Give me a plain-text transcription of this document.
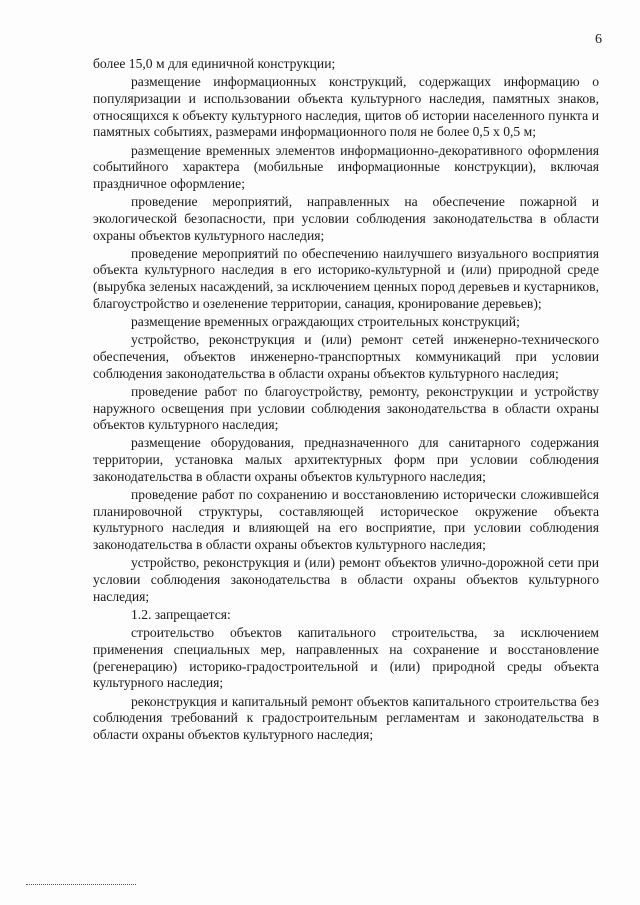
6

более 15,0 м для единичной конструкции;

размещение информационных конструкций, содержащих информацию о популяризации и использовании объекта культурного наследия, памятных знаков, относящихся к объекту культурного наследия, щитов об истории населенного пункта и памятных событиях, размерами информационного поля не более 0,5 х 0,5 м;

размещение временных элементов информационно-декоративного оформления событийного характера (мобильные информационные конструкции), включая праздничное оформление;

проведение мероприятий, направленных на обеспечение пожарной и экологической безопасности, при условии соблюдения законодательства в области охраны объектов культурного наследия;

проведение мероприятий по обеспечению наилучшего визуального восприятия объекта культурного наследия в его историко-культурной и (или) природной среде (вырубка зеленых насаждений, за исключением ценных пород деревьев и кустарников, благоустройство и озеленение территории, санация, кронирование деревьев);

размещение временных ограждающих строительных конструкций;

устройство, реконструкция и (или) ремонт сетей инженерно-технического обеспечения, объектов инженерно-транспортных коммуникаций при условии соблюдения законодательства в области охраны объектов культурного наследия;

проведение работ по благоустройству, ремонту, реконструкции и устройству наружного освещения при условии соблюдения законодательства в области охраны объектов культурного наследия;

размещение оборудования, предназначенного для санитарного содержания территории, установка малых архитектурных форм при условии соблюдения законодательства в области охраны объектов культурного наследия;

проведение работ по сохранению и восстановлению исторически сложившейся планировочной структуры, составляющей историческое окружение объекта культурного наследия и влияющей на его восприятие, при условии соблюдения законодательства в области охраны объектов культурного наследия;

устройство, реконструкция и (или) ремонт объектов улично-дорожной сети при условии соблюдения законодательства в области охраны объектов культурного наследия;

1.2. запрещается:

строительство объектов капитального строительства, за исключением применения специальных мер, направленных на сохранение и восстановление (регенерацию) историко-градостроительной и (или) природной среды объекта культурного наследия;

реконструкция и капитальный ремонт объектов капитального строительства без соблюдения требований к градостроительным регламентам и законодательства в области охраны объектов культурного наследия;
